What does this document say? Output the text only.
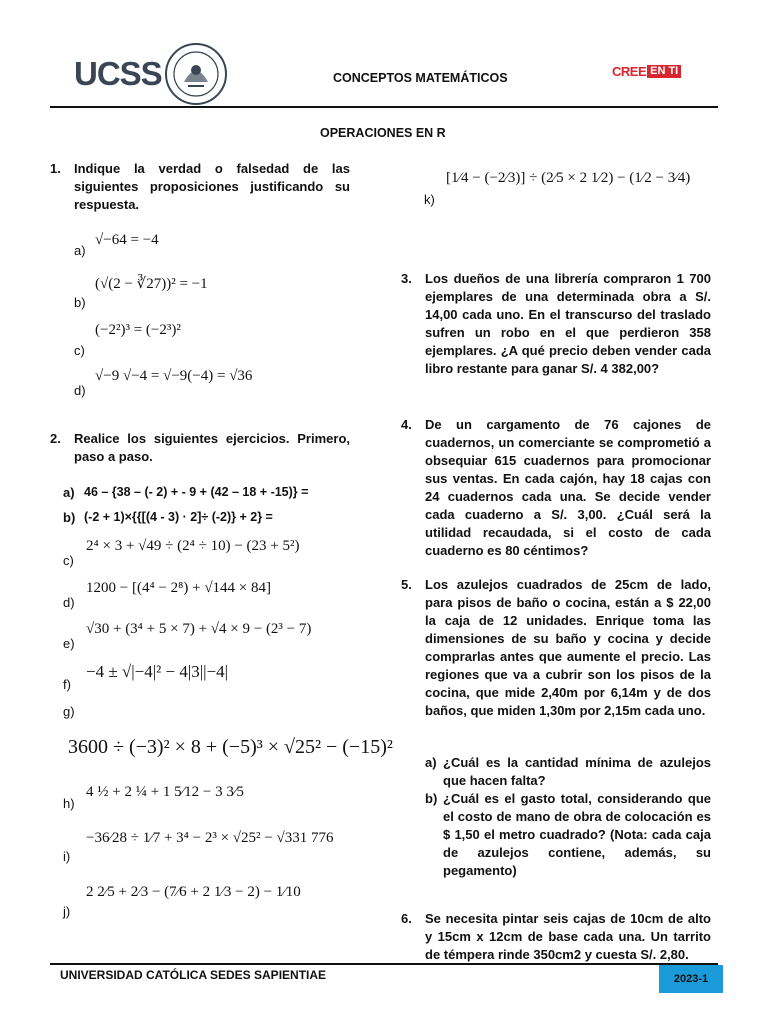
UCSS	CONCEPTOS MATEMÁTICOS	CREE EN TI
OPERACIONES EN R
1. Indique la verdad o falsedad de las siguientes proposiciones justificando su respuesta.
a)
√−64 = −4
b)
(√(2 − ∛27))² = −1
c)
(−2²)³ = (−2³)²
d)
√−9 √−4 = √−9(−4) = √36
2. Realice los siguientes ejercicios. Primero, paso a paso.
a) 46 – {38 – (- 2) + - 9 + (42 – 18 + -15)} =
b) (-2 + 1)×{{[(4 - 3) · 2]÷ (-2)} + 2} =
c)
2⁴ × 3 + √49 ÷ (2⁴ ÷ 10) − (23 + 5²)
d)
1200 − [(4⁴ − 2⁸) + √144 × 84]
e)
√30 + (3⁴ + 5 × 7) + √4 × 9 − (2³ − 7)
f)
−4 ± √|−4|² − 4|3||−4|
g)
3600 ÷ (−3)² × 8 + (−5)³ × √25² − (−15)²
h)
4 ½ + 2 ¼ + 1 5⁄12 − 3 3⁄5
i)
−36⁄28 ÷ 1⁄7 + 3⁴ − 2³ × √25² − √331 776
j)
2 2⁄5 + 2⁄3 − (7⁄6 + 2 1⁄3 − 2) − 1⁄10
k)
[1⁄4 − (−2⁄3)] ÷ (2⁄5 × 2 1⁄2) − (1⁄2 − 3⁄4)
3. Los dueños de una librería compraron 1 700 ejemplares de una determinada obra a S/. 14,00 cada uno. En el transcurso del traslado sufren un robo en el que perdieron 358 ejemplares. ¿A qué precio deben vender cada libro restante para ganar S/. 4 382,00?
4. De un cargamento de 76 cajones de cuadernos, un comerciante se comprometió a obsequiar 615 cuadernos para promocionar sus ventas. En cada cajón, hay 18 cajas con 24 cuadernos cada una. Se decide vender cada cuaderno a S/. 3,00. ¿Cuál será la utilidad recaudada, si el costo de cada cuaderno es 80 céntimos?
5. Los azulejos cuadrados de 25cm de lado, para pisos de baño o cocina, están a $ 22,00 la caja de 12 unidades. Enrique toma las dimensiones de su baño y cocina y decide comprarlas antes que aumente el precio. Las regiones que va a cubrir son los pisos de la cocina, que mide 2,40m por 6,14m y de dos baños, que miden 1,30m por 2,15m cada uno.
a) ¿Cuál es la cantidad mínima de azulejos que hacen falta?
b) ¿Cuál es el gasto total, considerando que el costo de mano de obra de colocación es $ 1,50 el metro cuadrado? (Nota: cada caja de azulejos contiene, además, su pegamento)
6. Se necesita pintar seis cajas de 10cm de alto y 15cm x 12cm de base cada una. Un tarrito de témpera rinde 350cm2 y cuesta S/. 2,80.
UNIVERSIDAD CATÓLICA SEDES SAPIENTIAE	2023-1
